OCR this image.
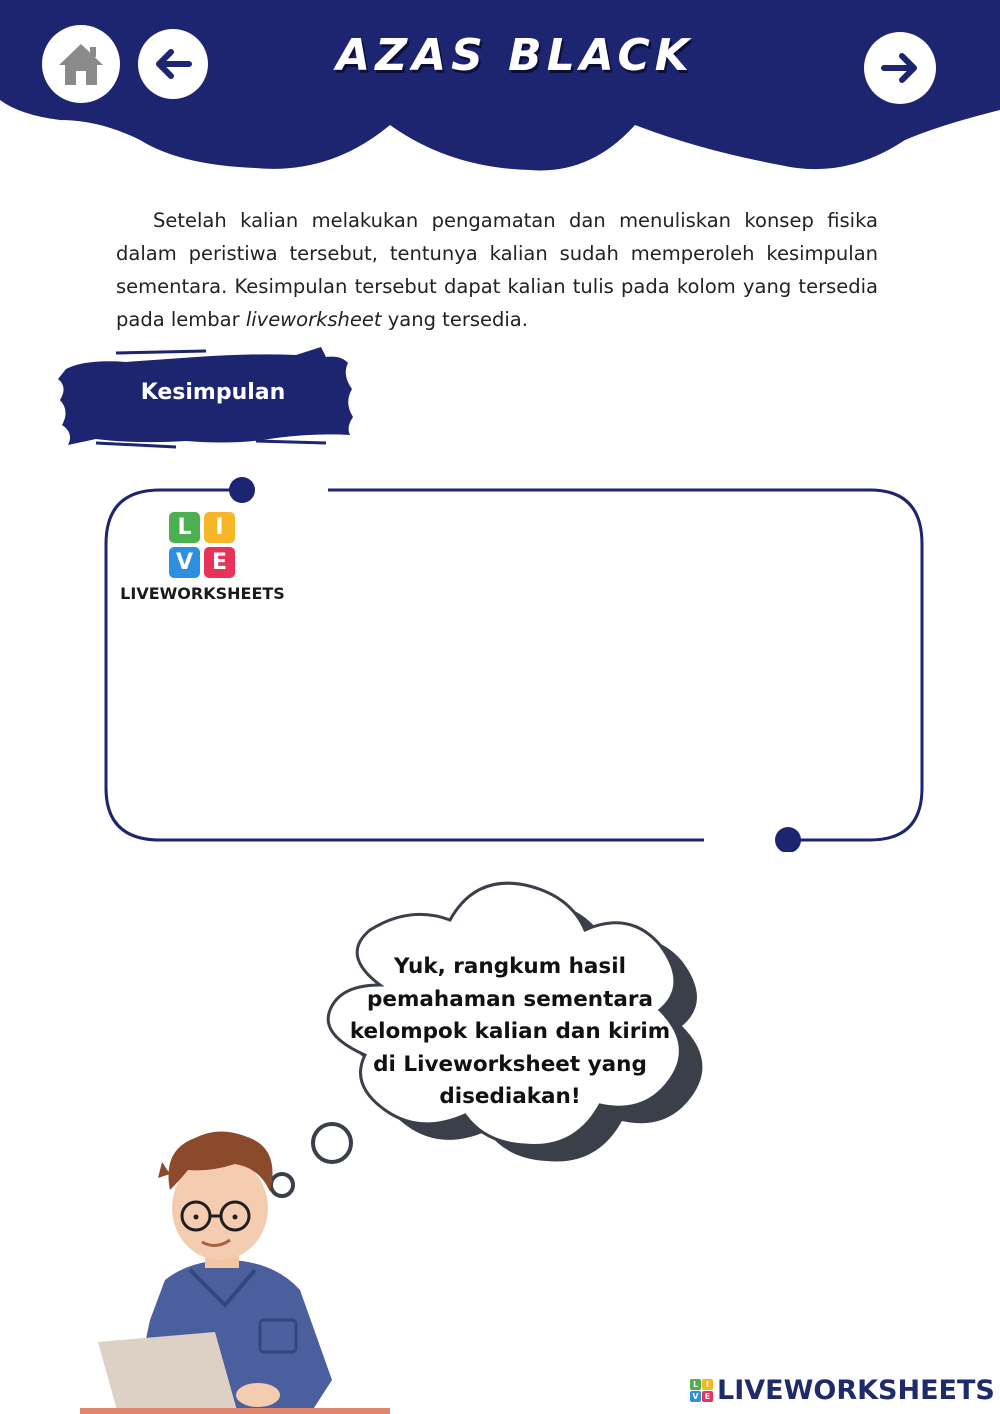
AZAS BLACK

Setelah kalian melakukan pengamatan dan menuliskan konsep fisika dalam peristiwa tersebut, tentunya kalian sudah memperoleh kesimpulan sementara. Kesimpulan tersebut dapat kalian tulis pada kolom yang tersedia pada lembar liveworksheet yang tersedia.

Kesimpulan
L	I
V E
LIVEWORKSHEETS

Yuk, rangkum hasil pemahaman sementara kelompok kalian dan kirim di Liveworksheet yang disediakan!

L I
V E LIVEWORKSHEETS
